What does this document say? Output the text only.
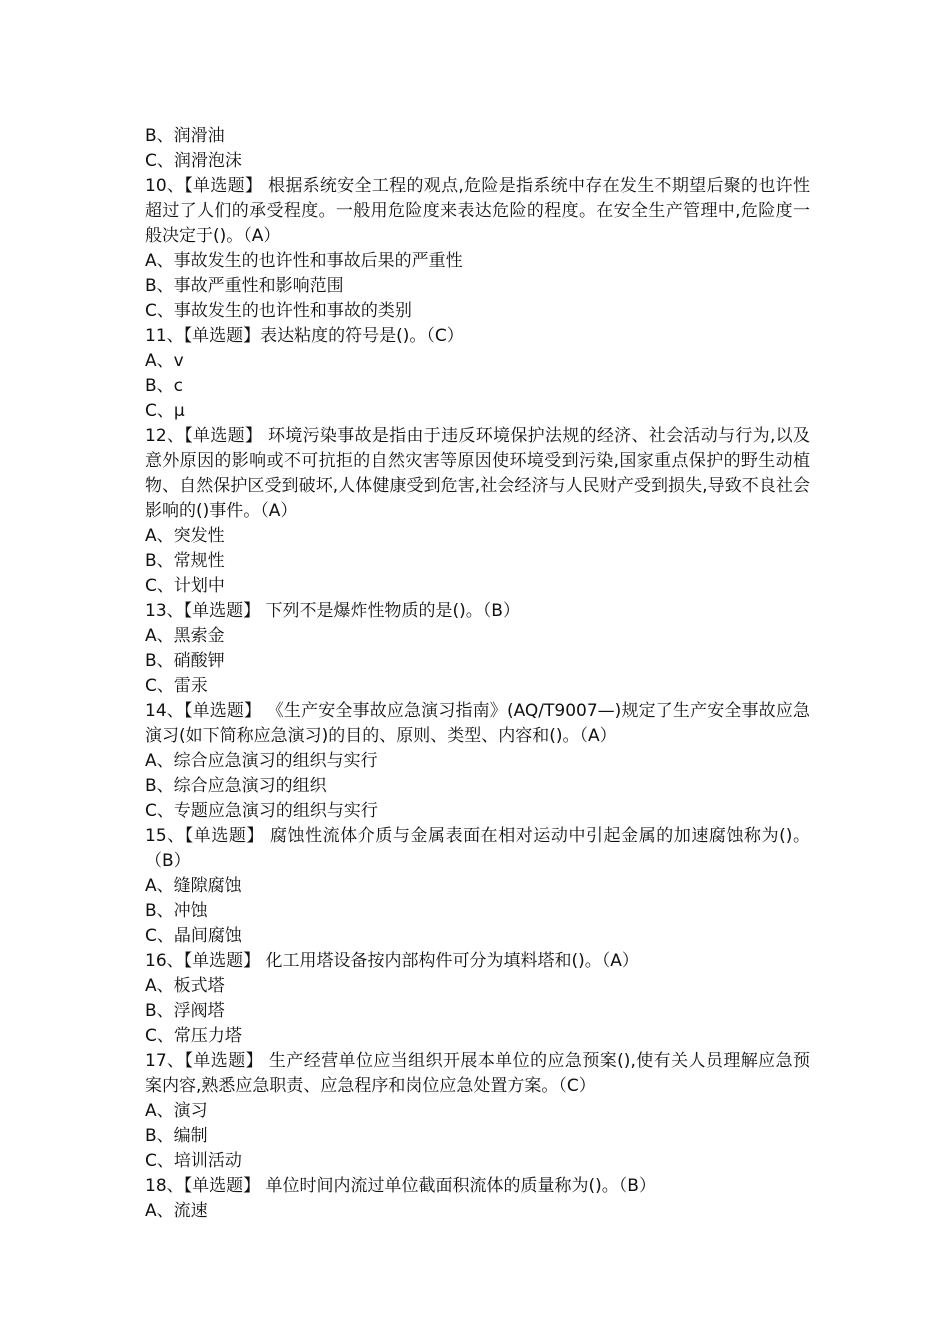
B、润滑油

C、润滑泡沫

10、【单选题】 根据系统安全工程的观点,危险是指系统中存在发生不期望后聚的也许性超过了人们的承受程度。一般用危险度来表达危险的程度。在安全生产管理中,危险度一般决定于()。（A）

A、事故发生的也许性和事故后果的严重性

B、事故严重性和影响范围

C、事故发生的也许性和事故的类别

11、【单选题】表达粘度的符号是()。（C）

A、v

B、c

C、μ

12、【单选题】 环境污染事故是指由于违反环境保护法规的经济、社会活动与行为,以及意外原因的影响或不可抗拒的自然灾害等原因使环境受到污染,国家重点保护的野生动植物、自然保护区受到破坏,人体健康受到危害,社会经济与人民财产受到损失,导致不良社会影响的()事件。（A）

A、突发性

B、常规性

C、计划中

13、【单选题】 下列不是爆炸性物质的是()。（B）

A、黑索金

B、硝酸钾

C、雷汞

14、【单选题】 《生产安全事故应急演习指南》(AQ/T9007—)规定了生产安全事故应急演习(如下简称应急演习)的目的、原则、类型、内容和()。（A）

A、综合应急演习的组织与实行

B、综合应急演习的组织

C、专题应急演习的组织与实行

15、【单选题】 腐蚀性流体介质与金属表面在相对运动中引起金属的加速腐蚀称为()。（B）

A、缝隙腐蚀

B、冲蚀

C、晶间腐蚀

16、【单选题】 化工用塔设备按内部构件可分为填料塔和()。（A）

A、板式塔

B、浮阀塔

C、常压力塔

17、【单选题】 生产经营单位应当组织开展本单位的应急预案(),使有关人员理解应急预案内容,熟悉应急职责、应急程序和岗位应急处置方案。（C）

A、演习

B、编制

C、培训活动

18、【单选题】 单位时间内流过单位截面积流体的质量称为()。（B）

A、流速
